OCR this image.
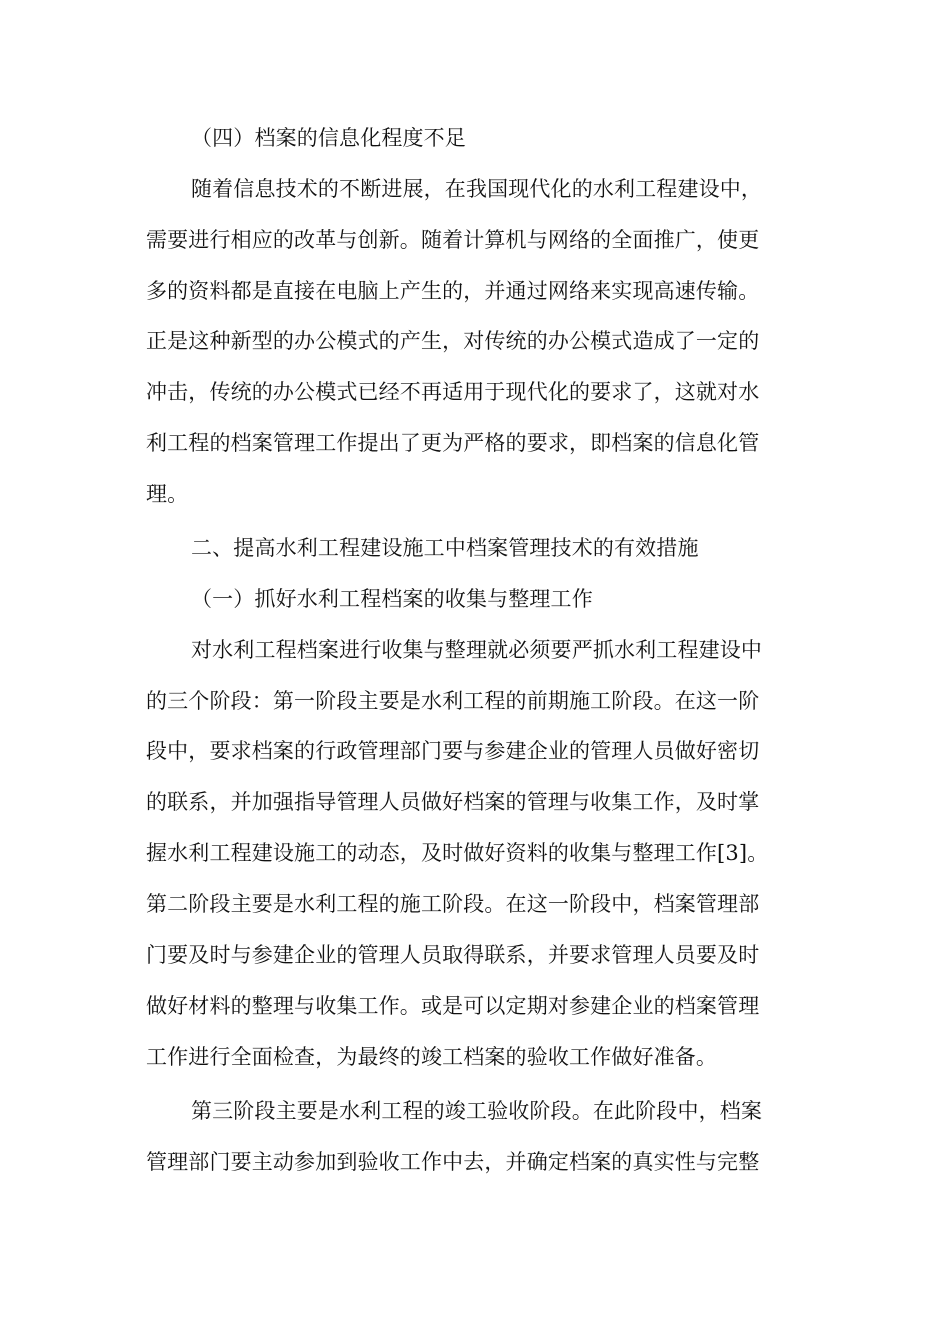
（四）档案的信息化程度不足
随着信息技术的不断进展，在我国现代化的水利工程建设中，
需要进行相应的改革与创新。随着计算机与网络的全面推广，使更
多的资料都是直接在电脑上产生的，并通过网络来实现高速传输。
正是这种新型的办公模式的产生，对传统的办公模式造成了一定的
冲击，传统的办公模式已经不再适用于现代化的要求了，这就对水
利工程的档案管理工作提出了更为严格的要求，即档案的信息化管
理。
二、提高水利工程建设施工中档案管理技术的有效措施
（一）抓好水利工程档案的收集与整理工作
对水利工程档案进行收集与整理就必须要严抓水利工程建设中
的三个阶段：第一阶段主要是水利工程的前期施工阶段。在这一阶
段中，要求档案的行政管理部门要与参建企业的管理人员做好密切
的联系，并加强指导管理人员做好档案的管理与收集工作，及时掌
握水利工程建设施工的动态，及时做好资料的收集与整理工作[3]。
第二阶段主要是水利工程的施工阶段。在这一阶段中，档案管理部
门要及时与参建企业的管理人员取得联系，并要求管理人员要及时
做好材料的整理与收集工作。或是可以定期对参建企业的档案管理
工作进行全面检查，为最终的竣工档案的验收工作做好准备。
第三阶段主要是水利工程的竣工验收阶段。在此阶段中，档案
管理部门要主动参加到验收工作中去，并确定档案的真实性与完整
